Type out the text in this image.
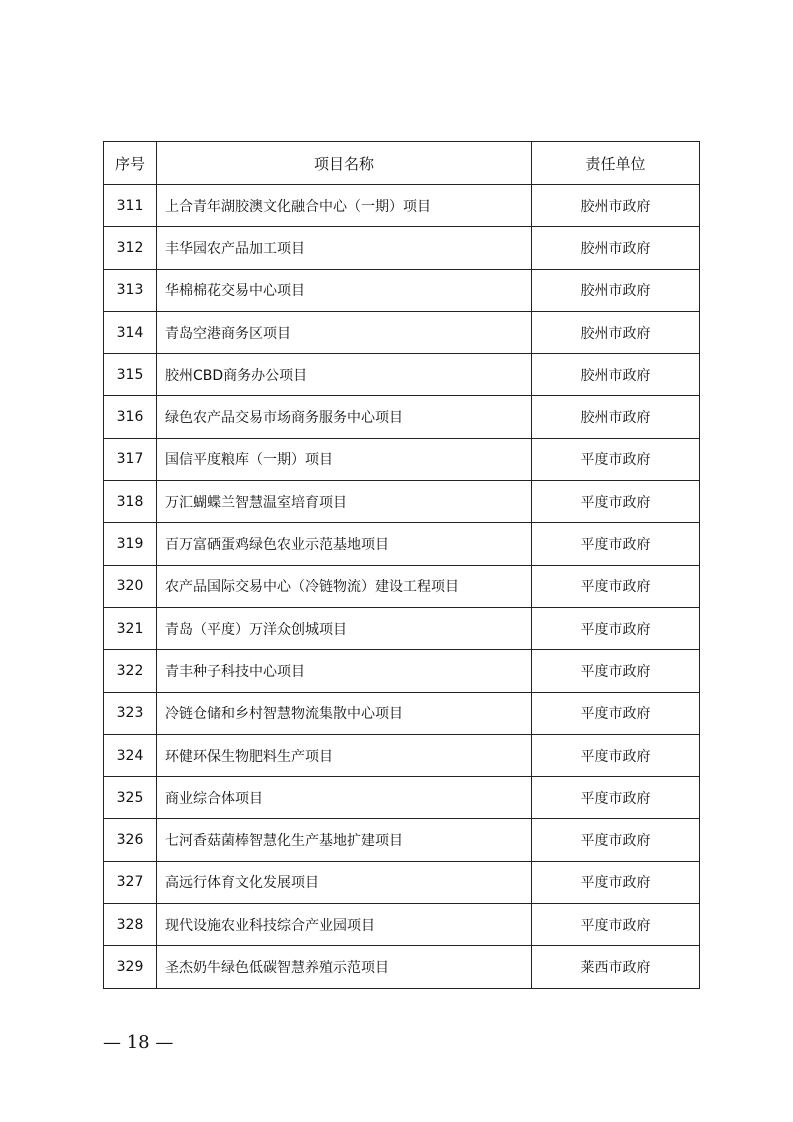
序号	项目名称	责任单位
311	上合青年湖胶澳文化融合中心（一期）项目	胶州市政府
312	丰华园农产品加工项目	胶州市政府
313	华棉棉花交易中心项目	胶州市政府
314	青岛空港商务区项目	胶州市政府
315	胶州CBD商务办公项目	胶州市政府
316	绿色农产品交易市场商务服务中心项目	胶州市政府
317	国信平度粮库（一期）项目	平度市政府
318	万汇蝴蝶兰智慧温室培育项目	平度市政府
319	百万富硒蛋鸡绿色农业示范基地项目	平度市政府
320	农产品国际交易中心（冷链物流）建设工程项目	平度市政府
321	青岛（平度）万洋众创城项目	平度市政府
322	青丰种子科技中心项目	平度市政府
323	冷链仓储和乡村智慧物流集散中心项目	平度市政府
324	环健环保生物肥料生产项目	平度市政府
325	商业综合体项目	平度市政府
326	七河香菇菌棒智慧化生产基地扩建项目	平度市政府
327	高远行体育文化发展项目	平度市政府
328	现代设施农业科技综合产业园项目	平度市政府
329	圣杰奶牛绿色低碳智慧养殖示范项目	莱西市政府
— 18 —
